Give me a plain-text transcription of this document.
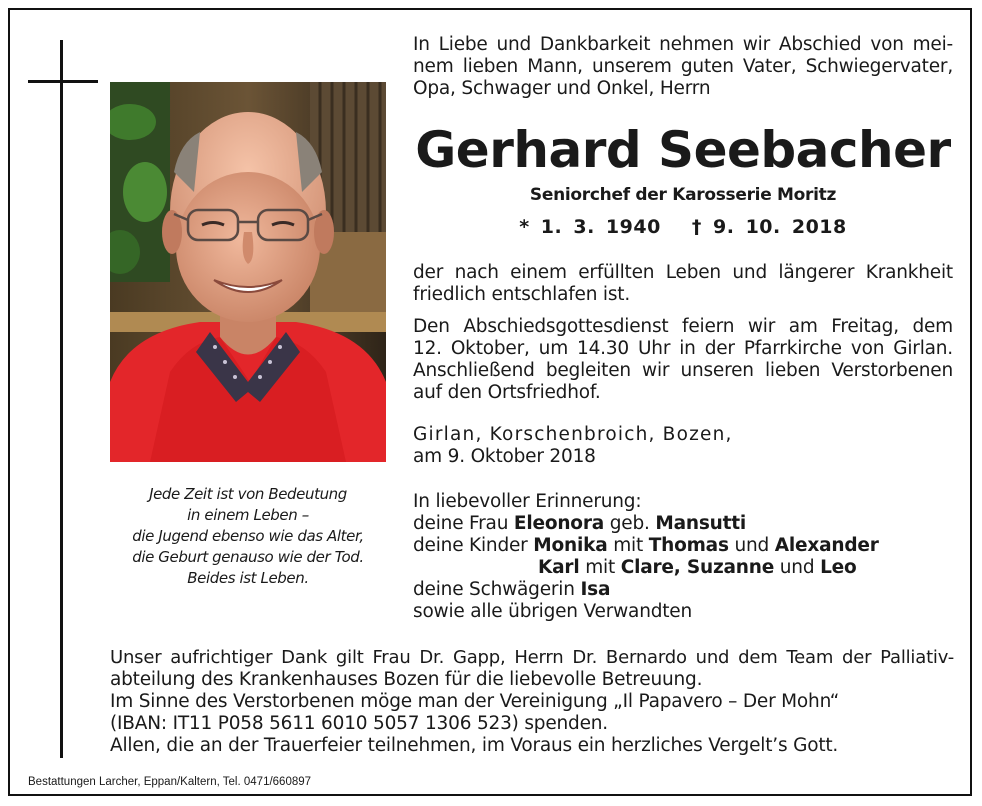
Jede Zeit ist von Bedeutung
in einem Leben –
die Jugend ebenso wie das Alter,
die Geburt genauso wie der Tod.
Beides ist Leben.
In Liebe und Dankbarkeit nehmen wir Abschied von mei-
nem lieben Mann, unserem guten Vater, Schwiegervater,
Opa, Schwager und Onkel, Herrn
Gerhard Seebacher
Seniorchef der Karosserie Moritz
* 1. 3. 1940 † 9. 10. 2018
der nach einem erfüllten Leben und längerer Krankheit
friedlich entschlafen ist.
Den Abschiedsgottesdienst feiern wir am Freitag, dem
12. Oktober, um 14.30 Uhr in der Pfarrkirche von Girlan.
Anschließend begleiten wir unseren lieben Verstorbenen
auf den Ortsfriedhof.
Girlan, Korschenbroich, Bozen,
am 9. Oktober 2018
In liebevoller Erinnerung:
deine Frau Eleonora geb. Mansutti
deine Kinder Monika mit Thomas und Alexander
Karl mit Clare, Suzanne und Leo
deine Schwägerin Isa
sowie alle übrigen Verwandten
Unser aufrichtiger Dank gilt Frau Dr. Gapp, Herrn Dr. Bernardo und dem Team der Palliativ-
abteilung des Krankenhauses Bozen für die liebevolle Betreuung.
Im Sinne des Verstorbenen möge man der Vereinigung „Il Papavero – Der Mohn“
(IBAN: IT11 P058 5611 6010 5057 1306 523) spenden.
Allen, die an der Trauerfeier teilnehmen, im Voraus ein herzliches Vergelt’s Gott.
Bestattungen Larcher, Eppan/Kaltern, Tel. 0471/660897
